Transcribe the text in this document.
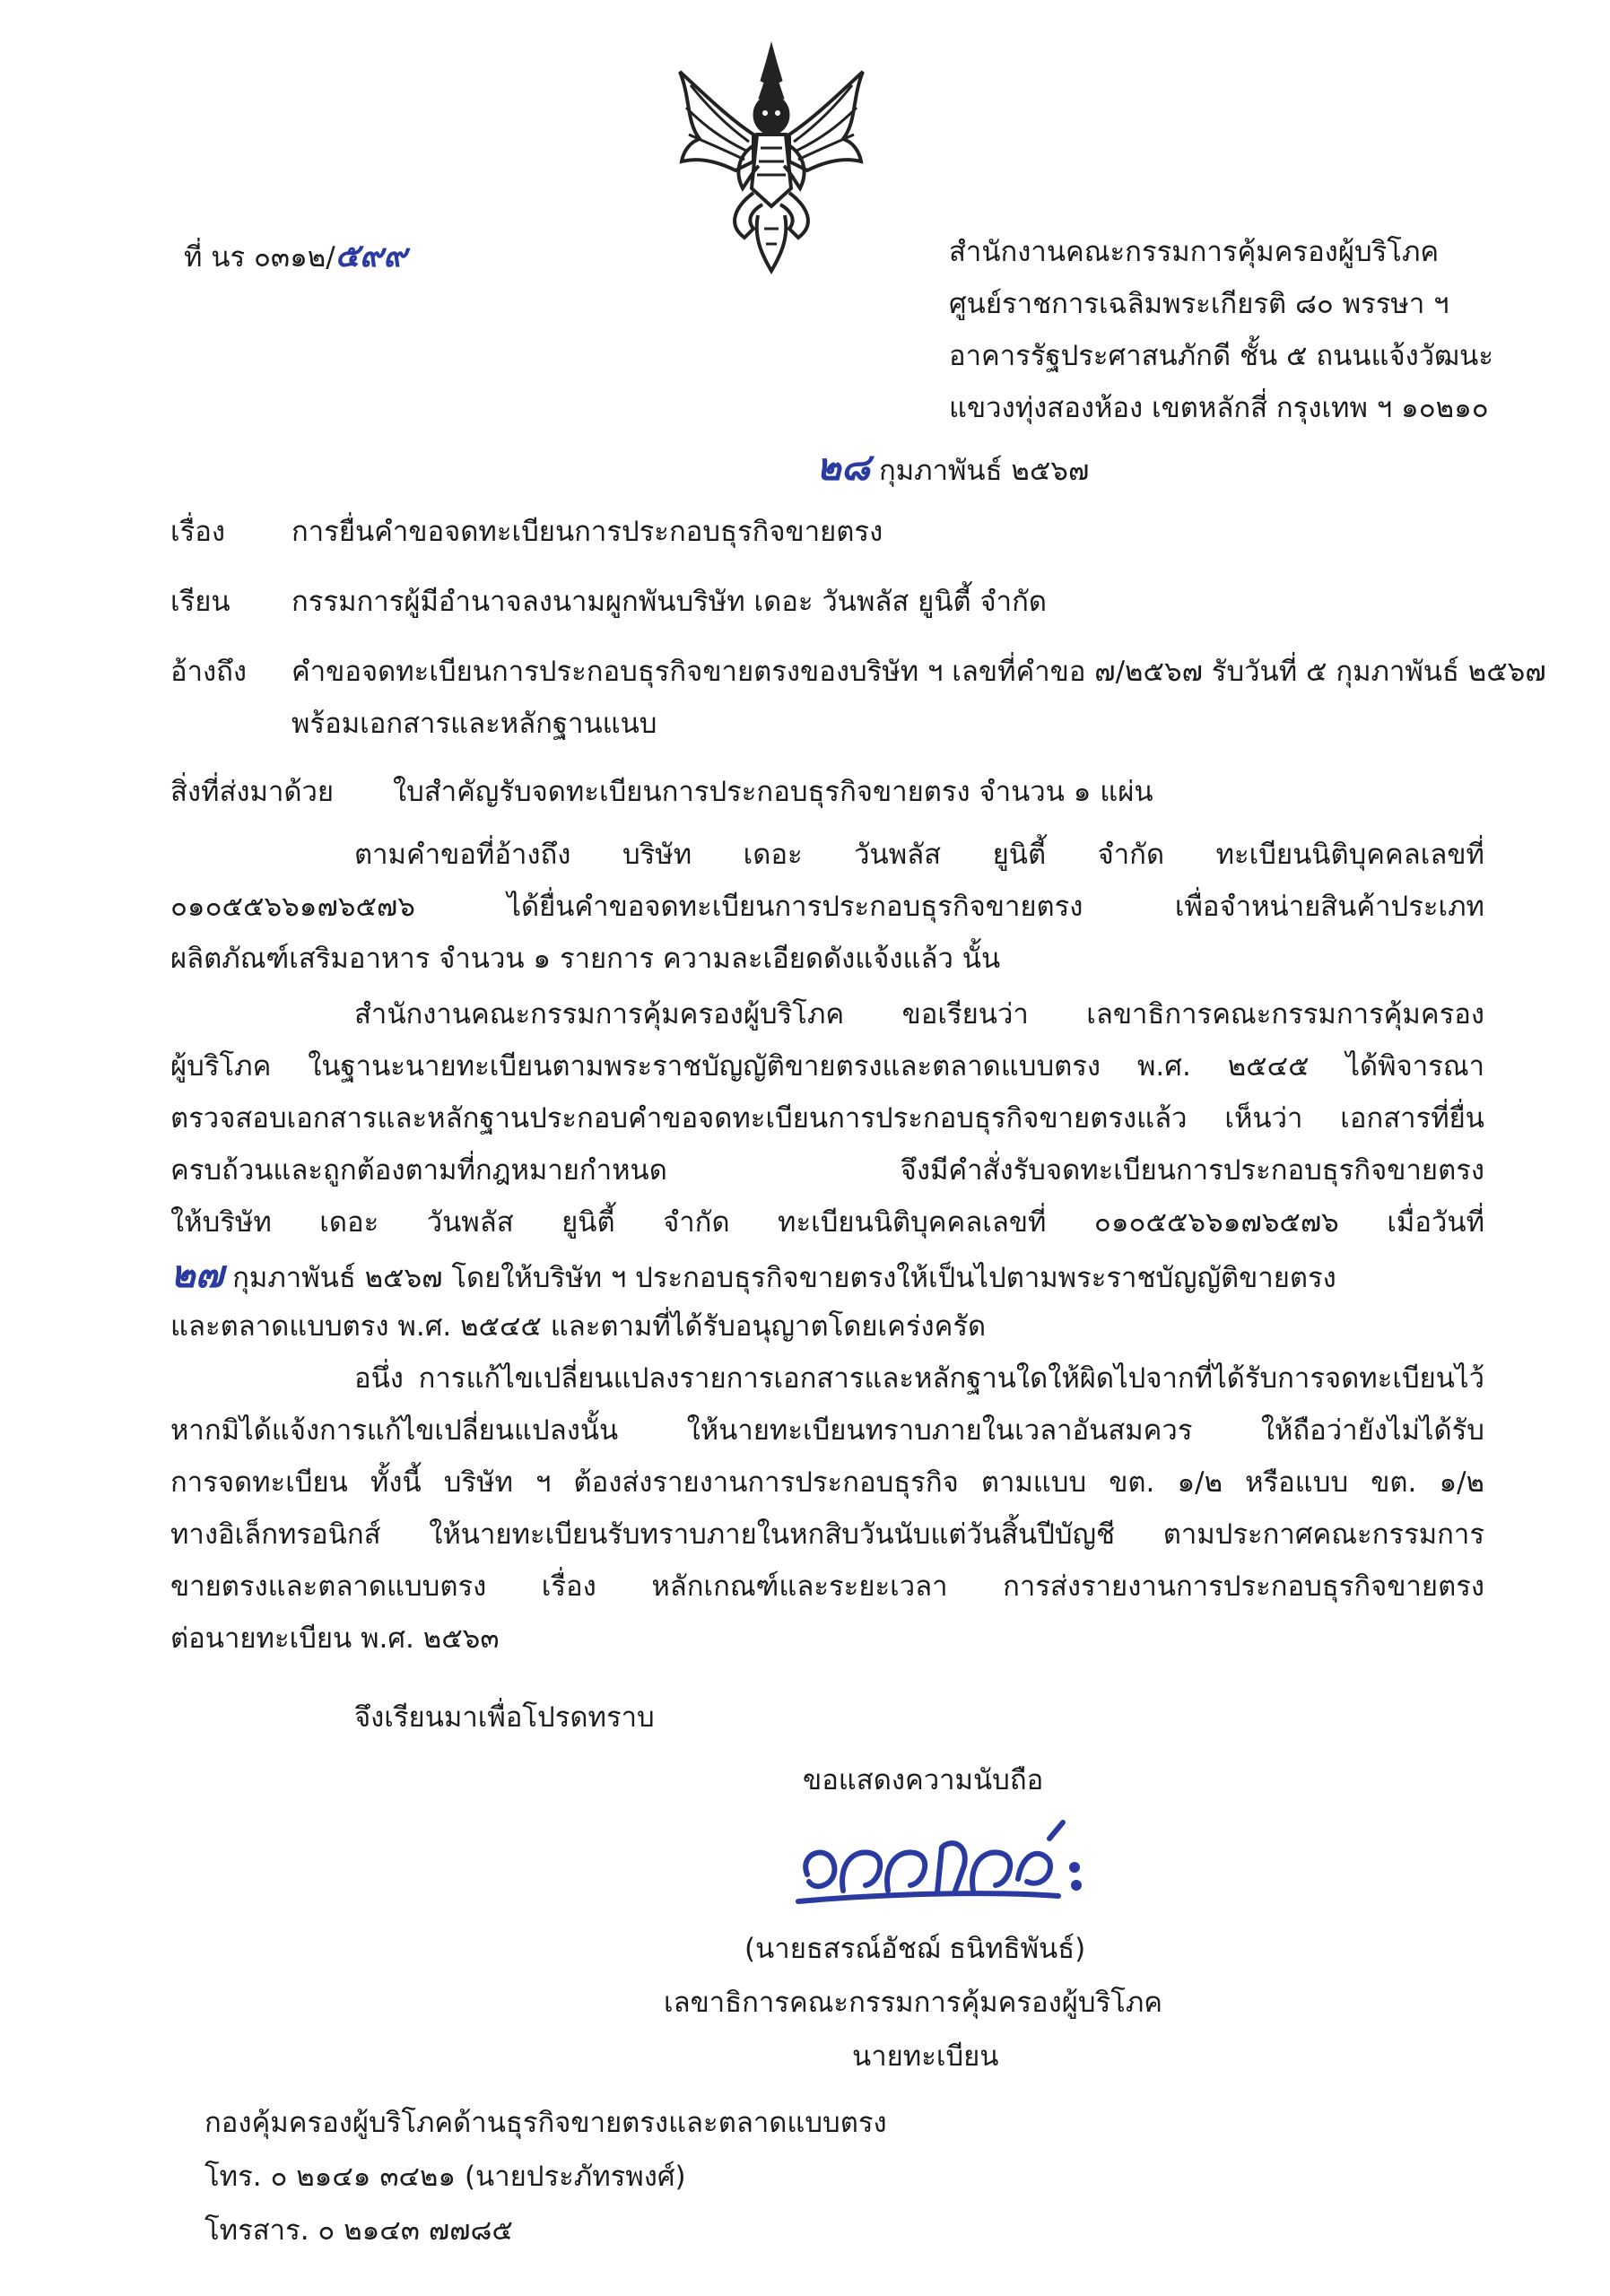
ที่ นร ๐๓๑๒/๕๙๙	สำนักงานคณะกรรมการคุ้มครองผู้บริโภค
ศูนย์ราชการเฉลิมพระเกียรติ ๘๐ พรรษา ฯ
อาคารรัฐประศาสนภักดี ชั้น ๕ ถนนแจ้งวัฒนะ
แขวงทุ่งสองห้อง เขตหลักสี่ กรุงเทพ ฯ ๑๐๒๑๐
๒๘ กุมภาพันธ์ ๒๕๖๗
เรื่อง การยื่นคำขอจดทะเบียนการประกอบธุรกิจขายตรง
เรียน กรรมการผู้มีอำนาจลงนามผูกพันบริษัท เดอะ วันพลัส ยูนิตี้ จำกัด
อ้างถึง คำขอจดทะเบียนการประกอบธุรกิจขายตรงของบริษัท ฯ เลขที่คำขอ ๗/๒๕๖๗ รับวันที่ ๕ กุมภาพันธ์ ๒๕๖๗
พร้อมเอกสารและหลักฐานแนบ
สิ่งที่ส่งมาด้วย ใบสำคัญรับจดทะเบียนการประกอบธุรกิจขายตรง จำนวน ๑ แผ่น
ตามคำขอที่อ้างถึง บริษัท เดอะ วันพลัส ยูนิตี้ จำกัด ทะเบียนนิติบุคคลเลขที่
๐๑๐๕๕๖๖๑๗๖๕๗๖ ได้ยื่นคำขอจดทะเบียนการประกอบธุรกิจขายตรง เพื่อจำหน่ายสินค้าประเภท
ผลิตภัณฑ์เสริมอาหาร จำนวน ๑ รายการ ความละเอียดดังแจ้งแล้ว นั้น
สำนักงานคณะกรรมการคุ้มครองผู้บริโภค ขอเรียนว่า เลขาธิการคณะกรรมการคุ้มครอง
ผู้บริโภค ในฐานะนายทะเบียนตามพระราชบัญญัติขายตรงและตลาดแบบตรง พ.ศ. ๒๕๔๕ ได้พิจารณา
ตรวจสอบเอกสารและหลักฐานประกอบคำขอจดทะเบียนการประกอบธุรกิจขายตรงแล้ว เห็นว่า เอกสารที่ยื่น
ครบถ้วนและถูกต้องตามที่กฎหมายกำหนด จึงมีคำสั่งรับจดทะเบียนการประกอบธุรกิจขายตรง
ให้บริษัท เดอะ วันพลัส ยูนิตี้ จำกัด ทะเบียนนิติบุคคลเลขที่ ๐๑๐๕๕๖๖๑๗๖๕๗๖ เมื่อวันที่
๒๗ กุมภาพันธ์ ๒๕๖๗ โดยให้บริษัท ฯ ประกอบธุรกิจขายตรงให้เป็นไปตามพระราชบัญญัติขายตรง
และตลาดแบบตรง พ.ศ. ๒๕๔๕ และตามที่ได้รับอนุญาตโดยเคร่งครัด
อนึ่ง การแก้ไขเปลี่ยนแปลงรายการเอกสารและหลักฐานใดให้ผิดไปจากที่ได้รับการจดทะเบียนไว้
หากมิได้แจ้งการแก้ไขเปลี่ยนแปลงนั้น ให้นายทะเบียนทราบภายในเวลาอันสมควร ให้ถือว่ายังไม่ได้รับ
การจดทะเบียน ทั้งนี้ บริษัท ฯ ต้องส่งรายงานการประกอบธุรกิจ ตามแบบ ขต. ๑/๒ หรือแบบ ขต. ๑/๒
ทางอิเล็กทรอนิกส์ ให้นายทะเบียนรับทราบภายในหกสิบวันนับแต่วันสิ้นปีบัญชี ตามประกาศคณะกรรมการ
ขายตรงและตลาดแบบตรง เรื่อง หลักเกณฑ์และระยะเวลา การส่งรายงานการประกอบธุรกิจขายตรง
ต่อนายทะเบียน พ.ศ. ๒๕๖๓
จึงเรียนมาเพื่อโปรดทราบ
ขอแสดงความนับถือ
(นายธสรณ์อัชฌ์ ธนิทธิพันธ์)
เลขาธิการคณะกรรมการคุ้มครองผู้บริโภค
นายทะเบียน
กองคุ้มครองผู้บริโภคด้านธุรกิจขายตรงและตลาดแบบตรง
โทร. ๐ ๒๑๔๑ ๓๔๒๑ (นายประภัทรพงศ์)
โทรสาร. ๐ ๒๑๔๓ ๗๗๘๕
